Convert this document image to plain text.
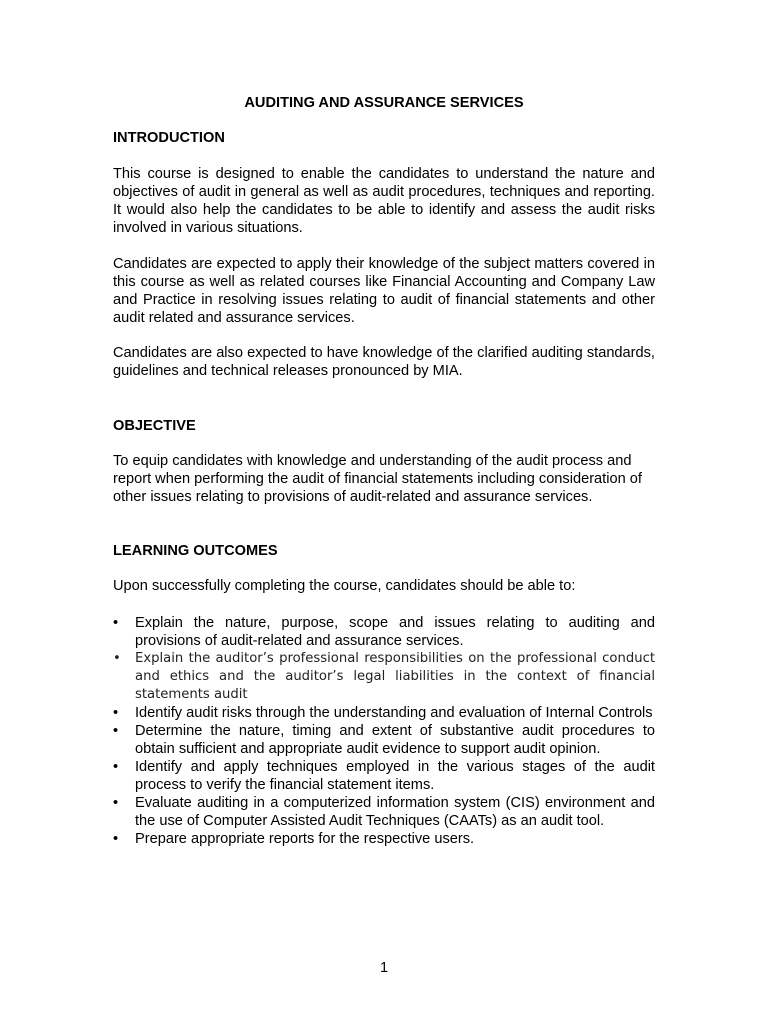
AUDITING AND ASSURANCE SERVICES
INTRODUCTION
This course is designed to enable the candidates to understand the nature and objectives of audit in general as well as audit procedures, techniques and reporting. It would also help the candidates to be able to identify and assess the audit risks involved in various situations.
Candidates are expected to apply their knowledge of the subject matters covered in this course as well as related courses like Financial Accounting and Company Law and Practice in resolving issues relating to audit of financial statements and other audit related and assurance services.
Candidates are also expected to have knowledge of the clarified auditing standards, guidelines and technical releases pronounced by MIA.
OBJECTIVE
To equip candidates with knowledge and understanding of the audit process and report when performing the audit of financial statements including consideration of other issues relating to provisions of audit-related and assurance services.
LEARNING OUTCOMES
Upon successfully completing the course, candidates should be able to:
• Explain the nature, purpose, scope and issues relating to auditing and provisions of audit-related and assurance services.
• Explain the auditor’s professional responsibilities on the professional conduct and ethics and the auditor’s legal liabilities in the context of financial statements audit
• Identify audit risks through the understanding and evaluation of Internal Controls
• Determine the nature, timing and extent of substantive audit procedures to obtain sufficient and appropriate audit evidence to support audit opinion.
• Identify and apply techniques employed in the various stages of the audit process to verify the financial statement items.
• Evaluate auditing in a computerized information system (CIS) environment and the use of Computer Assisted Audit Techniques (CAATs) as an audit tool.
• Prepare appropriate reports for the respective users.
1
